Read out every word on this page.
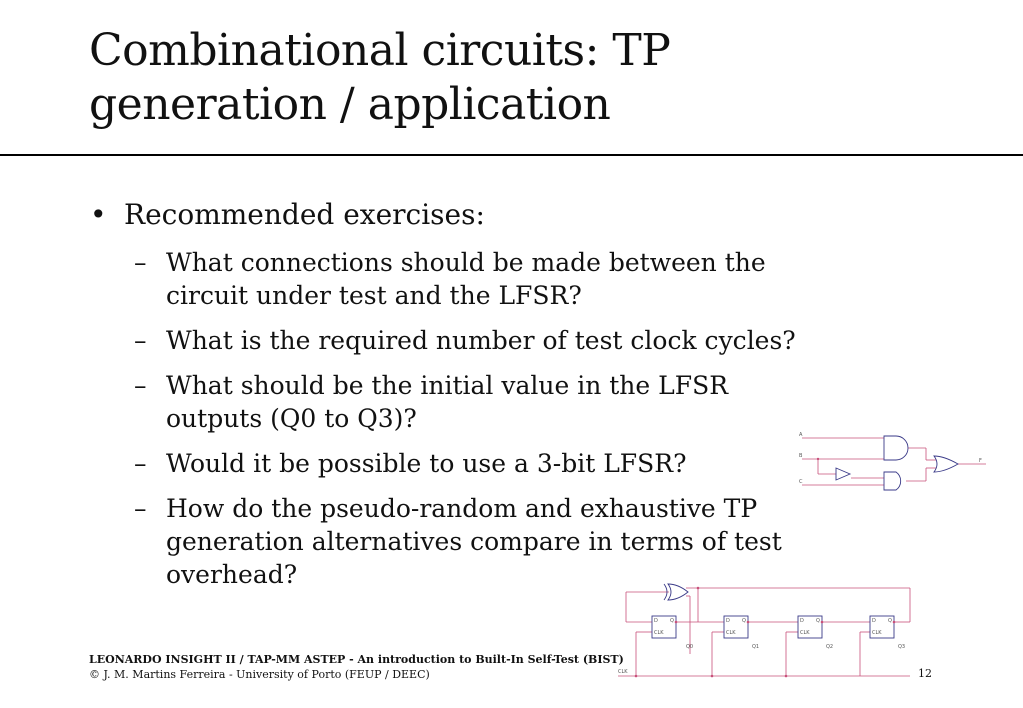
Combinational circuits: TP
generation / application
• Recommended exercises:
– What connections should be made between the circuit under test and the LFSR?
– What is the required number of test clock cycles?
– What should be the initial value in the LFSR outputs (Q0 to Q3)?
– Would it be possible to use a 3-bit LFSR?
– How do the pseudo-random and exhaustive TP generation alternatives compare in terms of test overhead?
A
B
C
F
D Q
CLK
D Q
CLK
D Q
CLK
D Q
CLK
Q0	Q1	Q2	Q3
CLK
LEONARDO INSIGHT II / TAP-MM ASTEP - An introduction to Built-In Self-Test (BIST)
© J. M. Martins Ferreira - University of Porto (FEUP / DEEC)	12
